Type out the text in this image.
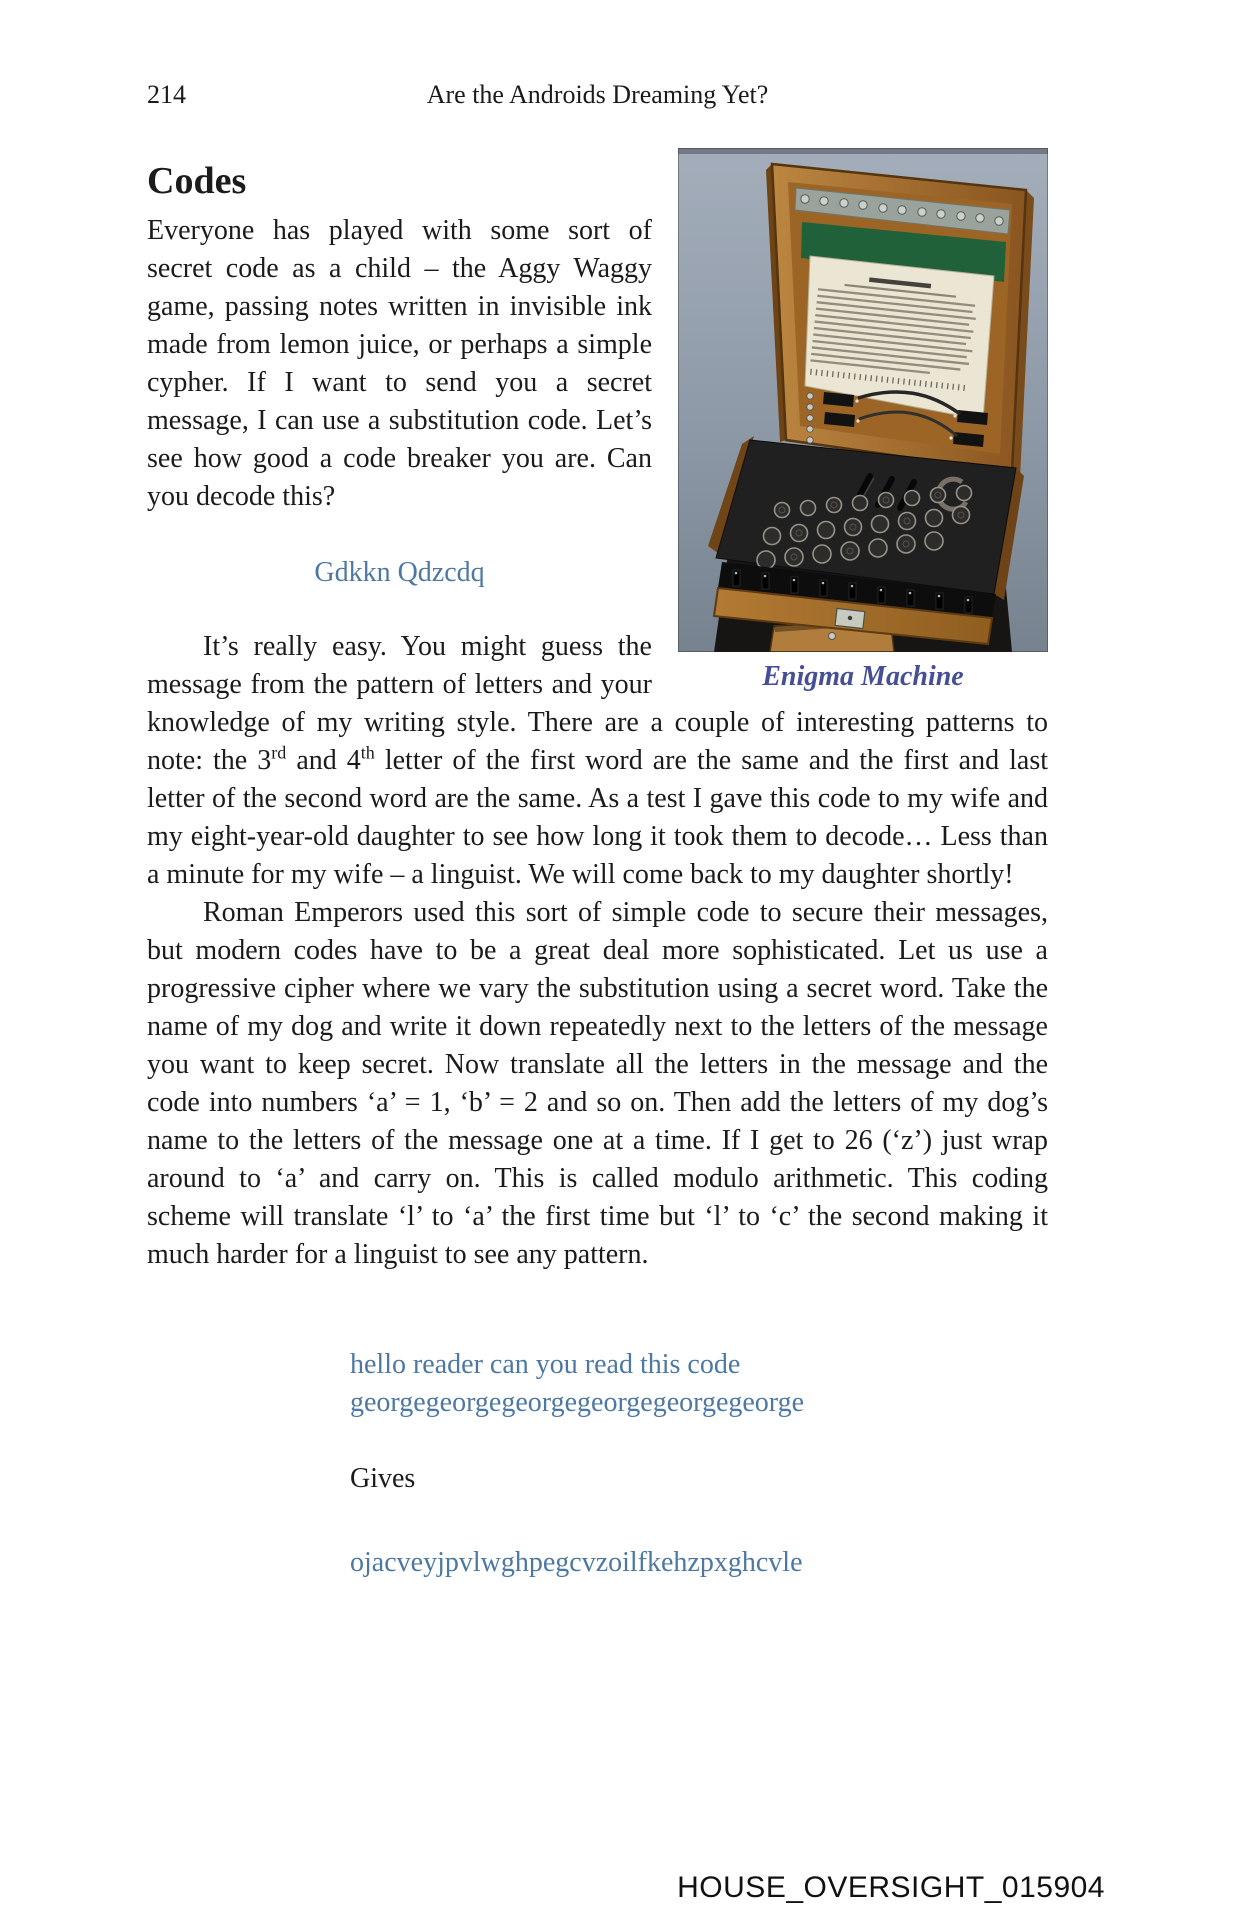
214	Are the Androids Dreaming Yet?
Enigma Machine
Codes

Everyone has played with some sort of secret code as a child – the Aggy Waggy game, passing notes written in invisible ink made from lemon juice, or perhaps a simple cypher. If I want to send you a secret message, I can use a substitution code. Let’s see how good a code breaker you are. Can you decode this?

Gdkkn Qdzcdq

It’s really easy. You might guess the message from the pattern of letters and your knowledge of my writing style. There are a couple of interesting patterns to note: the 3rd and 4th letter of the first word are the same and the first and last letter of the second word are the same. As a test I gave this code to my wife and my eight-year-old daughter to see how long it took them to decode… Less than a minute for my wife – a linguist. We will come back to my daughter shortly!

Roman Emperors used this sort of simple code to secure their messages, but modern codes have to be a great deal more sophisticated. Let us use a progressive cipher where we vary the substitution using a secret word. Take the name of my dog and write it down repeatedly next to the letters of the message you want to keep secret. Now translate all the letters in the message and the code into numbers ‘a’ = 1, ‘b’ = 2 and so on. Then add the letters of my dog’s name to the letters of the message one at a time. If I get to 26 (‘z’) just wrap around to ‘a’ and carry on. This is called modulo arithmetic. This coding scheme will translate ‘l’ to ‘a’ the first time but ‘l’ to ‘c’ the second making it much harder for a linguist to see any pattern.

hello reader can you read this code
georgegeorgegeorgegeorgegeorgegeorge
Gives
ojacveyjpvlwghpegcvzoilfkehzpxghcvle
HOUSE_OVERSIGHT_015904
